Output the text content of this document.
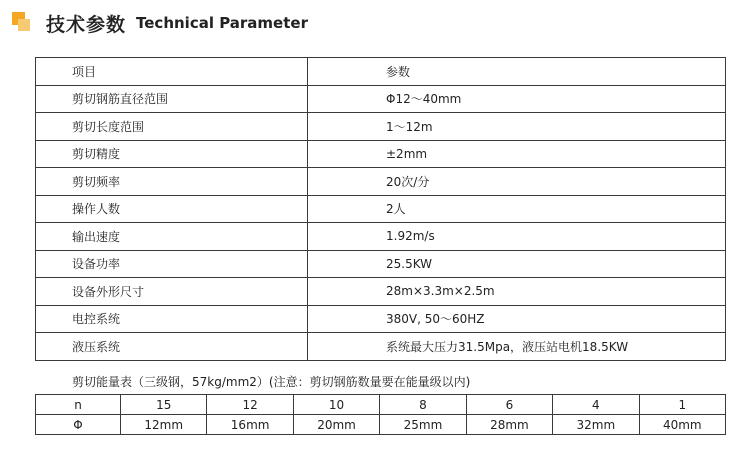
技术参数 Technical Parameter
项目	参数
剪切钢筋直径范围	Φ12～40mm
剪切长度范围	1～12m
剪切精度	±2mm
剪切频率	20次/分
操作人数	2人
输出速度	1.92m/s
设备功率	25.5KW
设备外形尺寸	28m×3.3m×2.5m
电控系统	380V, 50～60HZ
液压系统	系统最大压力31.5Mpa，液压站电机18.5KW
剪切能量表（三级钢，57kg/mm2）(注意：剪切钢筋数量要在能量级以内)
n	15	12	10	8	6	4	1
Φ	12mm	16mm	20mm	25mm	28mm	32mm	40mm
